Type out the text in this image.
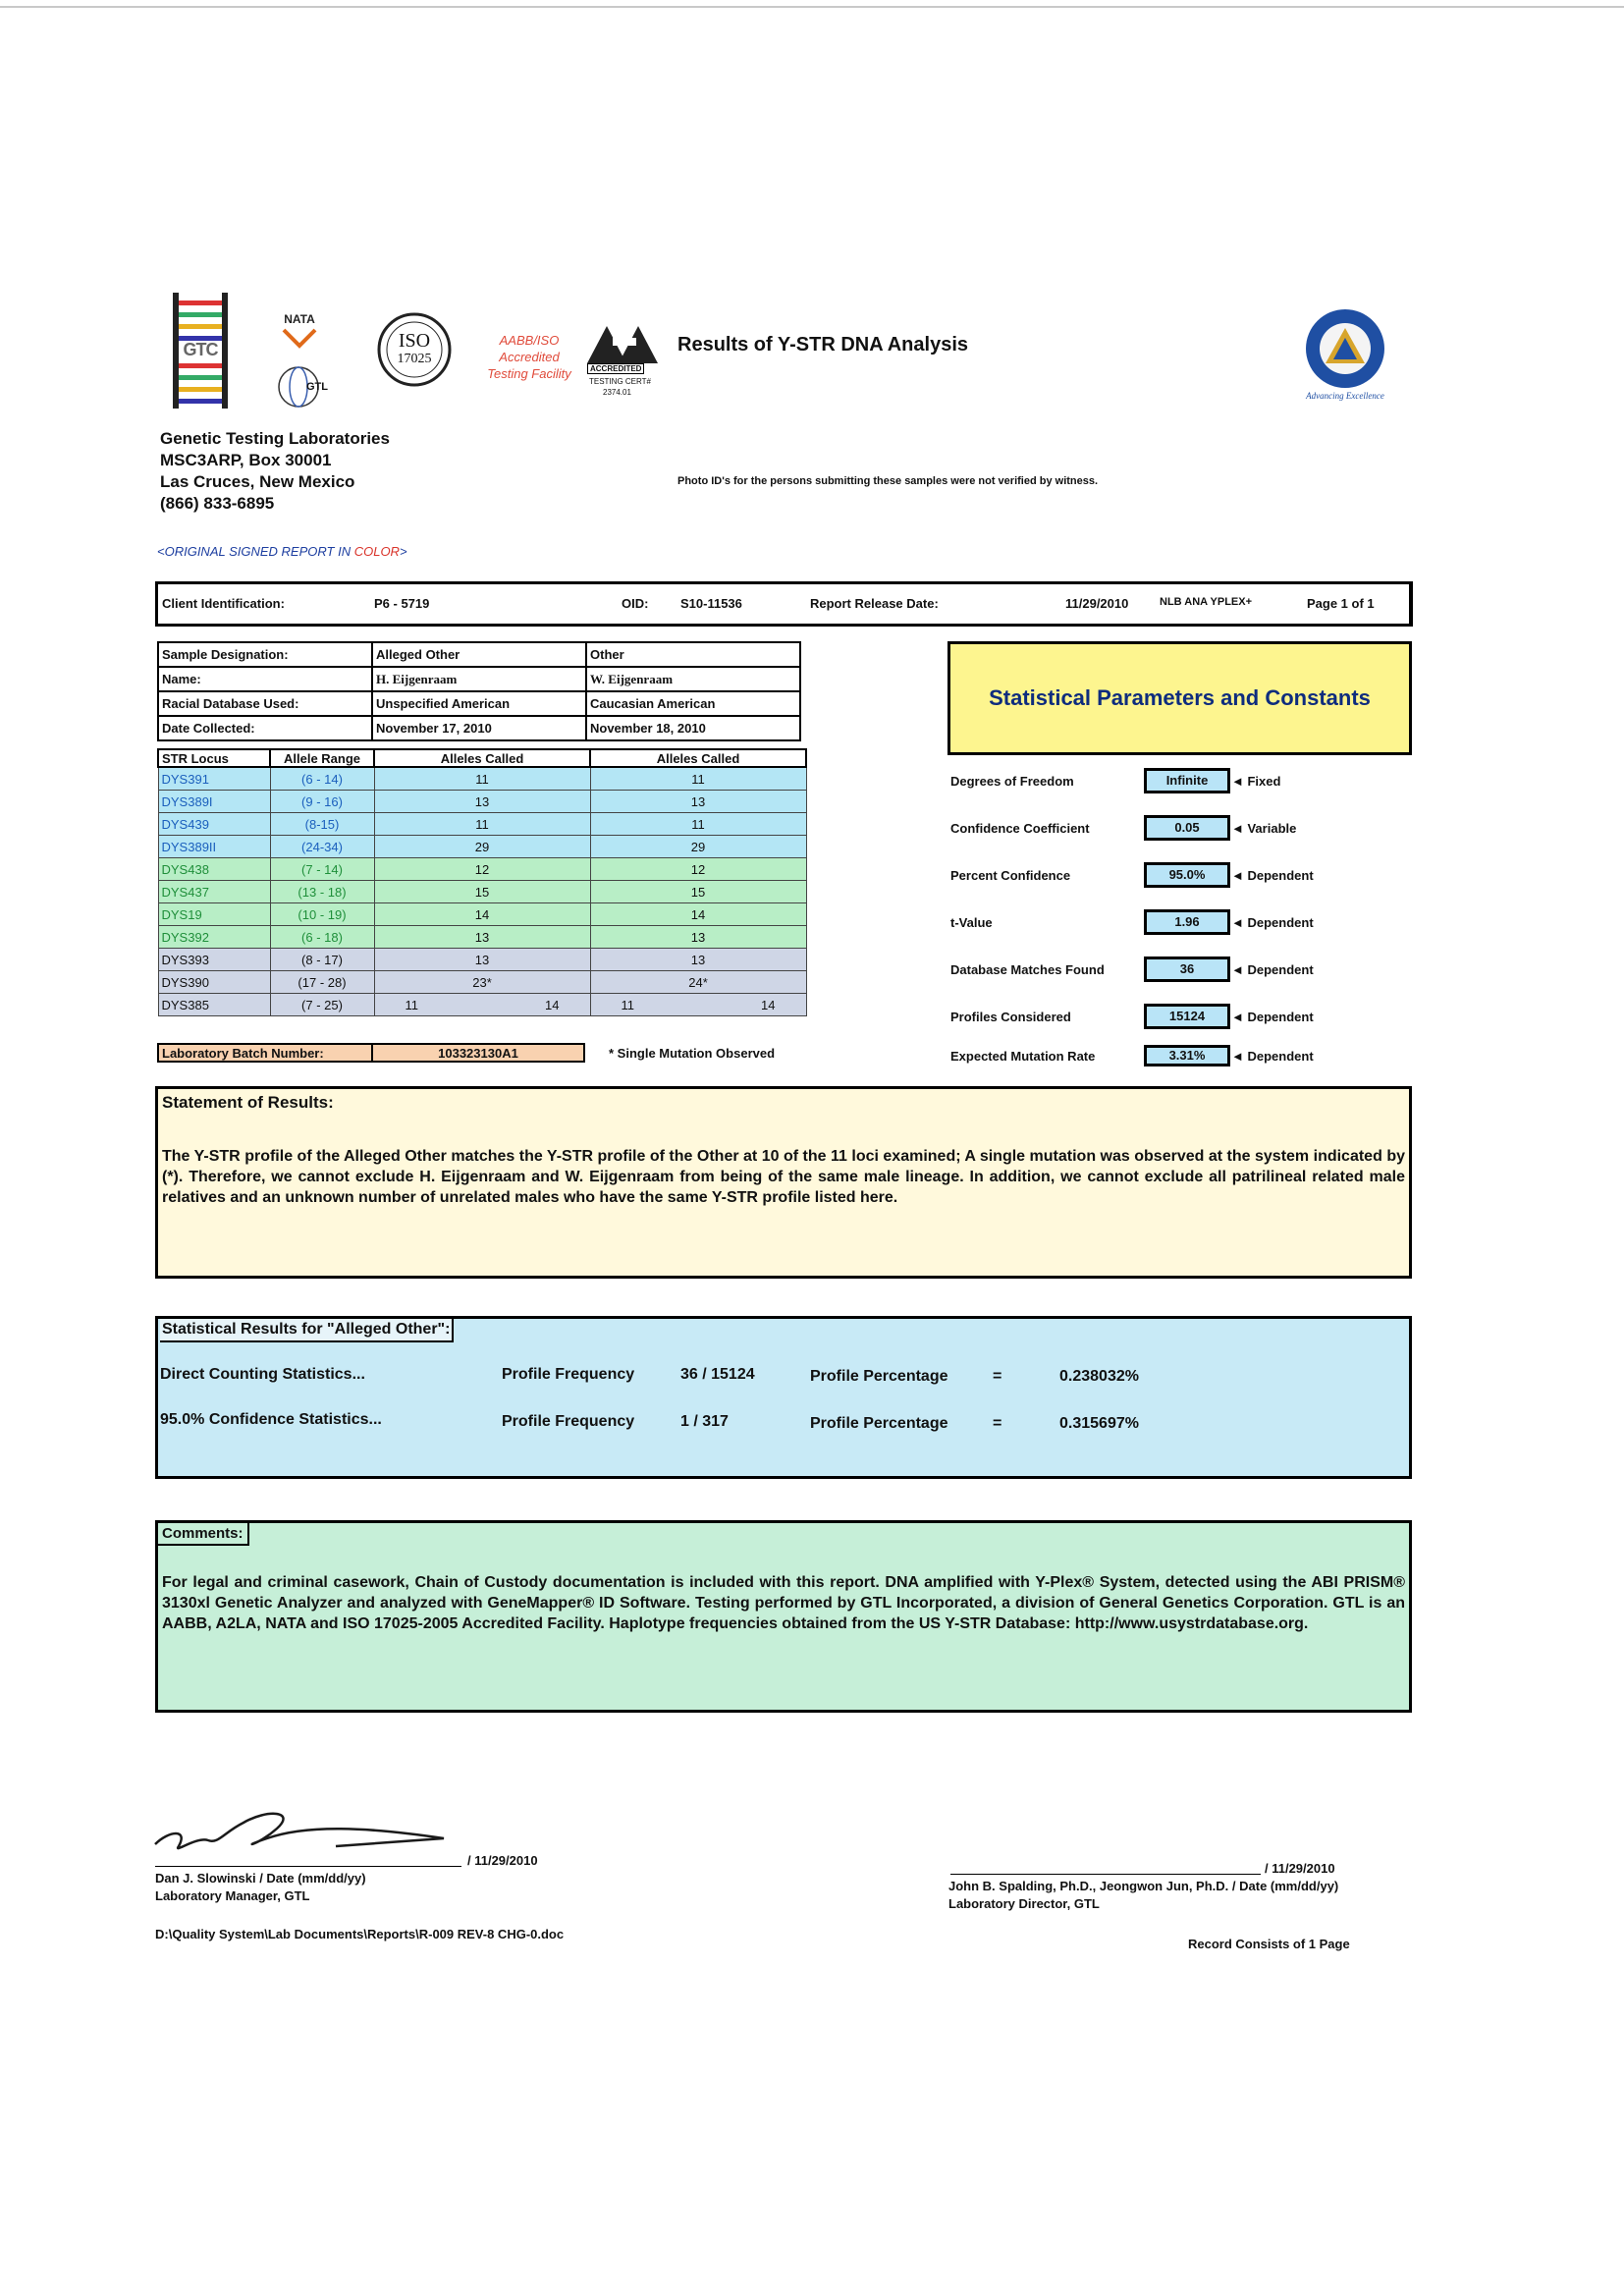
GTC
NATA
GTL
ISO
17025
AABB/ISO
Accredited
Testing Facility	ACCREDITED
TESTING CERT#
2374.01
Results of Y-STR DNA Analysis
Advancing Excellence
Genetic Testing Laboratories
MSC3ARP, Box 30001
Las Cruces, New Mexico
(866) 833-6895
Photo ID's for the persons submitting these samples were not verified by witness.
<ORIGINAL SIGNED REPORT IN COLOR>
Client Identification:	P6 - 5719	OID:	S10-11536	Report Release Date:	11/29/2010	NLB ANA YPLEX+	Page 1 of 1
Sample Designation:	Alleged Other	Other
Name:	H. Eijgenraam	W. Eijgenraam
Racial Database Used:	Unspecified American	Caucasian American
Date Collected:	November 17, 2010	November 18, 2010
STR Locus	Allele Range	Alleles Called	Alleles Called
DYS391	(6 - 14)	11	11
DYS389I	(9 - 16)	13	13
DYS439	(8-15)	11	11
DYS389II	(24-34)	29	29
DYS438	(7 - 14)	12	12
DYS437	(13 - 18)	15	15
DYS19	(10 - 19)	14	14
DYS392	(6 - 18)	13	13
DYS393	(8 - 17)	13	13
DYS390	(17 - 28)	23*	24*
DYS385	(7 - 25)	11 14	11 14
Laboratory Batch Number:	103323130A1	* Single Mutation Observed
Statistical Parameters and Constants
Degrees of Freedom	Infinite	◄ Fixed
Confidence Coefficient	0.05	◄ Variable
Percent Confidence	95.0%	◄ Dependent
t-Value	1.96	◄ Dependent
Database Matches Found	36	◄ Dependent
Profiles Considered	15124	◄ Dependent
Expected Mutation Rate	3.31%	◄ Dependent
Statement of Results:
The Y-STR profile of the Alleged Other matches the Y-STR profile of the Other at 10 of the 11 loci examined; A single mutation was observed at the system indicated by (*). Therefore, we cannot exclude H. Eijgenraam and W. Eijgenraam from being of the same male lineage. In addition, we cannot exclude all patrilineal related male relatives and an unknown number of unrelated males who have the same Y-STR profile listed here.
Statistical Results for "Alleged Other":
Direct Counting Statistics...	Profile Frequency	36 / 15124	Profile Percentage	=	0.238032%
95.0% Confidence Statistics...	Profile Frequency	1 / 317	Profile Percentage	=	0.315697%
Comments:
For legal and criminal casework, Chain of Custody documentation is included with this report. DNA amplified with Y-Plex® System, detected using the ABI PRISM® 3130xl Genetic Analyzer and analyzed with GeneMapper® ID Software. Testing performed by GTL Incorporated, a division of General Genetics Corporation. GTL is an AABB, A2LA, NATA and ISO 17025-2005 Accredited Facility. Haplotype frequencies obtained from the US Y-STR Database: http://www.usystrdatabase.org.
/ 11/29/2010
Dan J. Slowinski / Date (mm/dd/yy)
Laboratory Manager, GTL
/ 11/29/2010
John B. Spalding, Ph.D., Jeongwon Jun, Ph.D. / Date (mm/dd/yy)
Laboratory Director, GTL
D:\Quality System\Lab Documents\Reports\R-009 REV-8 CHG-0.doc
Record Consists of 1 Page
